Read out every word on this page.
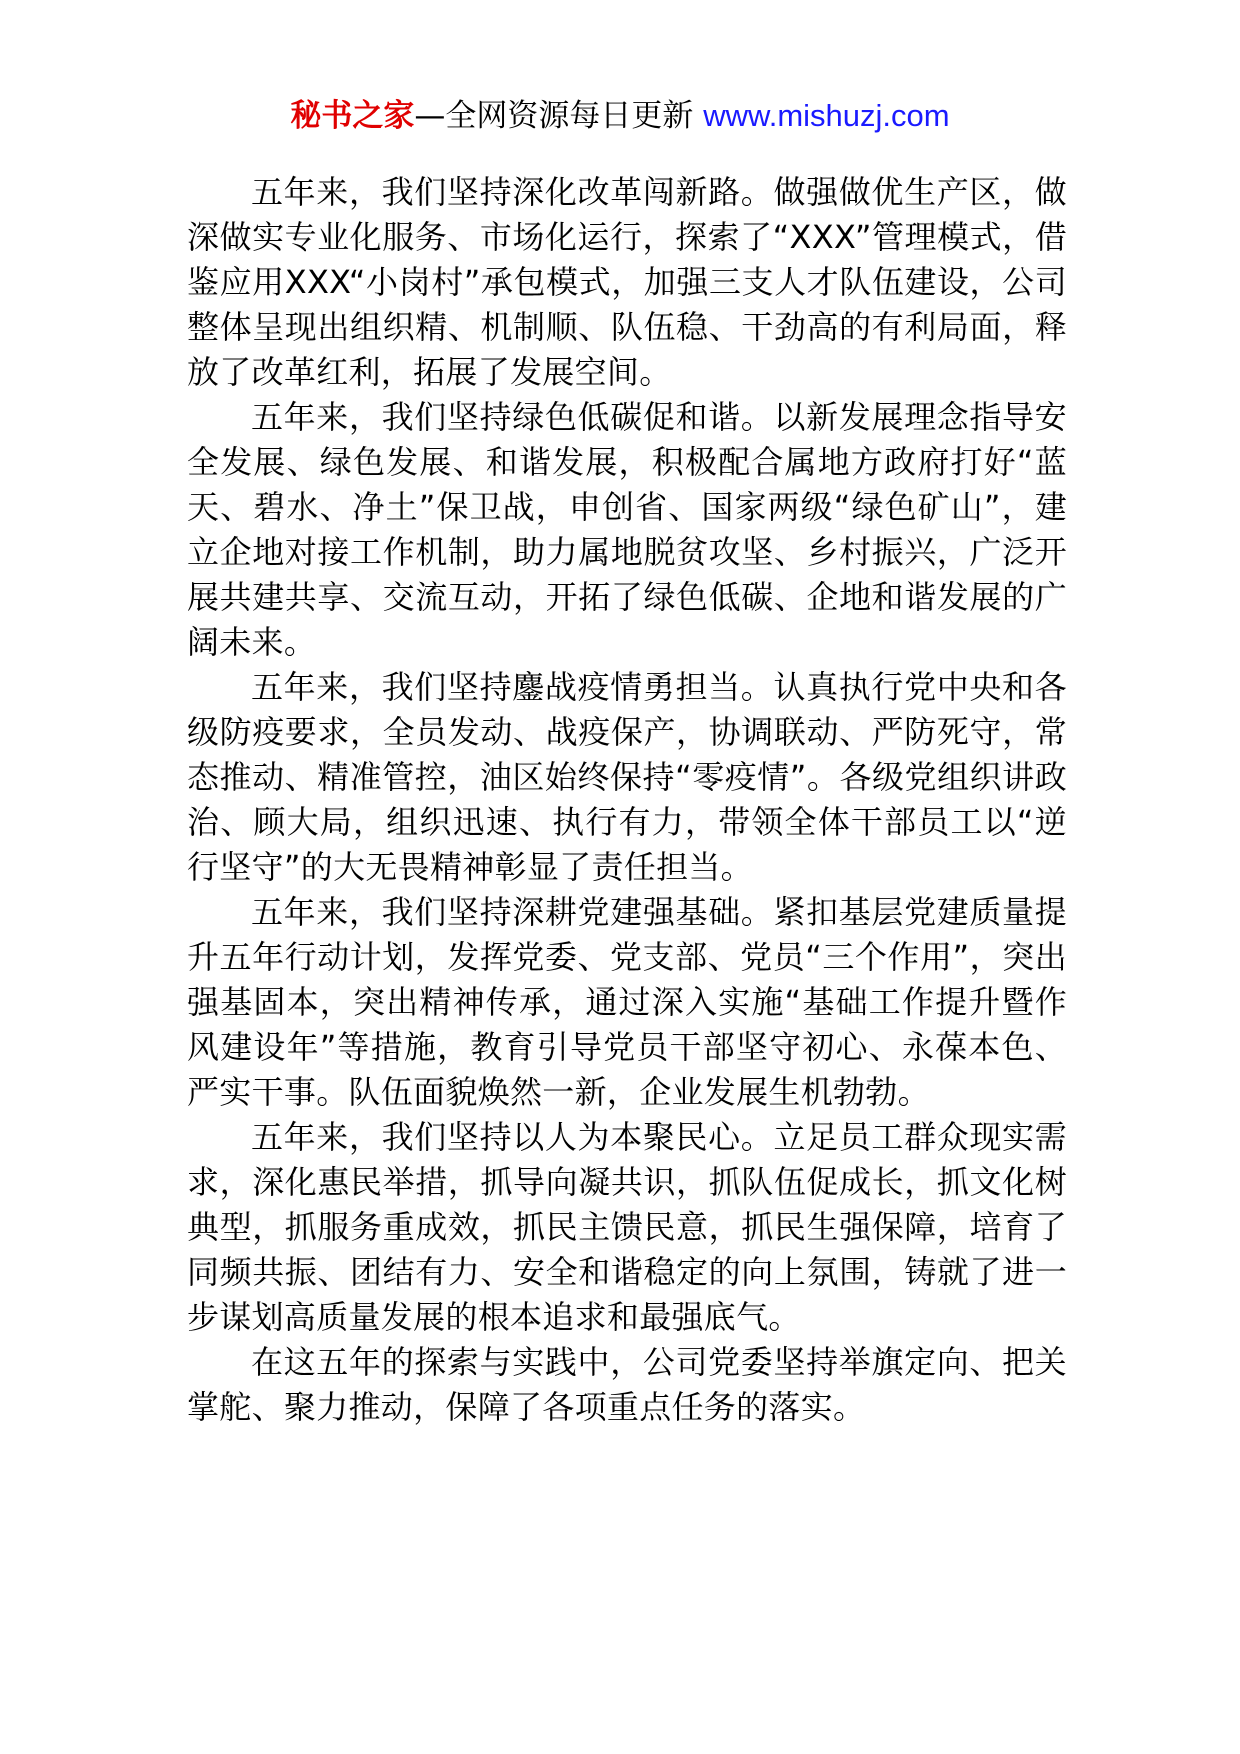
秘书之家—全网资源每日更新 www.mishuzj.com

五年来，我们坚持深化改革闯新路。做强做优生产区，做深做实专业化服务、市场化运行，探索了“XXX”管理模式，借鉴应用XXX“小岗村”承包模式，加强三支人才队伍建设，公司整体呈现出组织精、机制顺、队伍稳、干劲高的有利局面，释放了改革红利，拓展了发展空间。

五年来，我们坚持绿色低碳促和谐。以新发展理念指导安全发展、绿色发展、和谐发展，积极配合属地方政府打好“蓝天、碧水、净土”保卫战，申创省、国家两级“绿色矿山”，建立企地对接工作机制，助力属地脱贫攻坚、乡村振兴，广泛开展共建共享、交流互动，开拓了绿色低碳、企地和谐发展的广阔未来。

五年来，我们坚持鏖战疫情勇担当。认真执行党中央和各级防疫要求，全员发动、战疫保产，协调联动、严防死守，常态推动、精准管控，油区始终保持“零疫情”。各级党组织讲政治、顾大局，组织迅速、执行有力，带领全体干部员工以“逆行坚守”的大无畏精神彰显了责任担当。

五年来，我们坚持深耕党建强基础。紧扣基层党建质量提升五年行动计划，发挥党委、党支部、党员“三个作用”，突出强基固本，突出精神传承，通过深入实施“基础工作提升暨作风建设年”等措施，教育引导党员干部坚守初心、永葆本色、严实干事。队伍面貌焕然一新，企业发展生机勃勃。

五年来，我们坚持以人为本聚民心。立足员工群众现实需求，深化惠民举措，抓导向凝共识，抓队伍促成长，抓文化树典型，抓服务重成效，抓民主馈民意，抓民生强保障，培育了同频共振、团结有力、安全和谐稳定的向上氛围，铸就了进一步谋划高质量发展的根本追求和最强底气。

在这五年的探索与实践中，公司党委坚持举旗定向、把关掌舵、聚力推动，保障了各项重点任务的落实。
